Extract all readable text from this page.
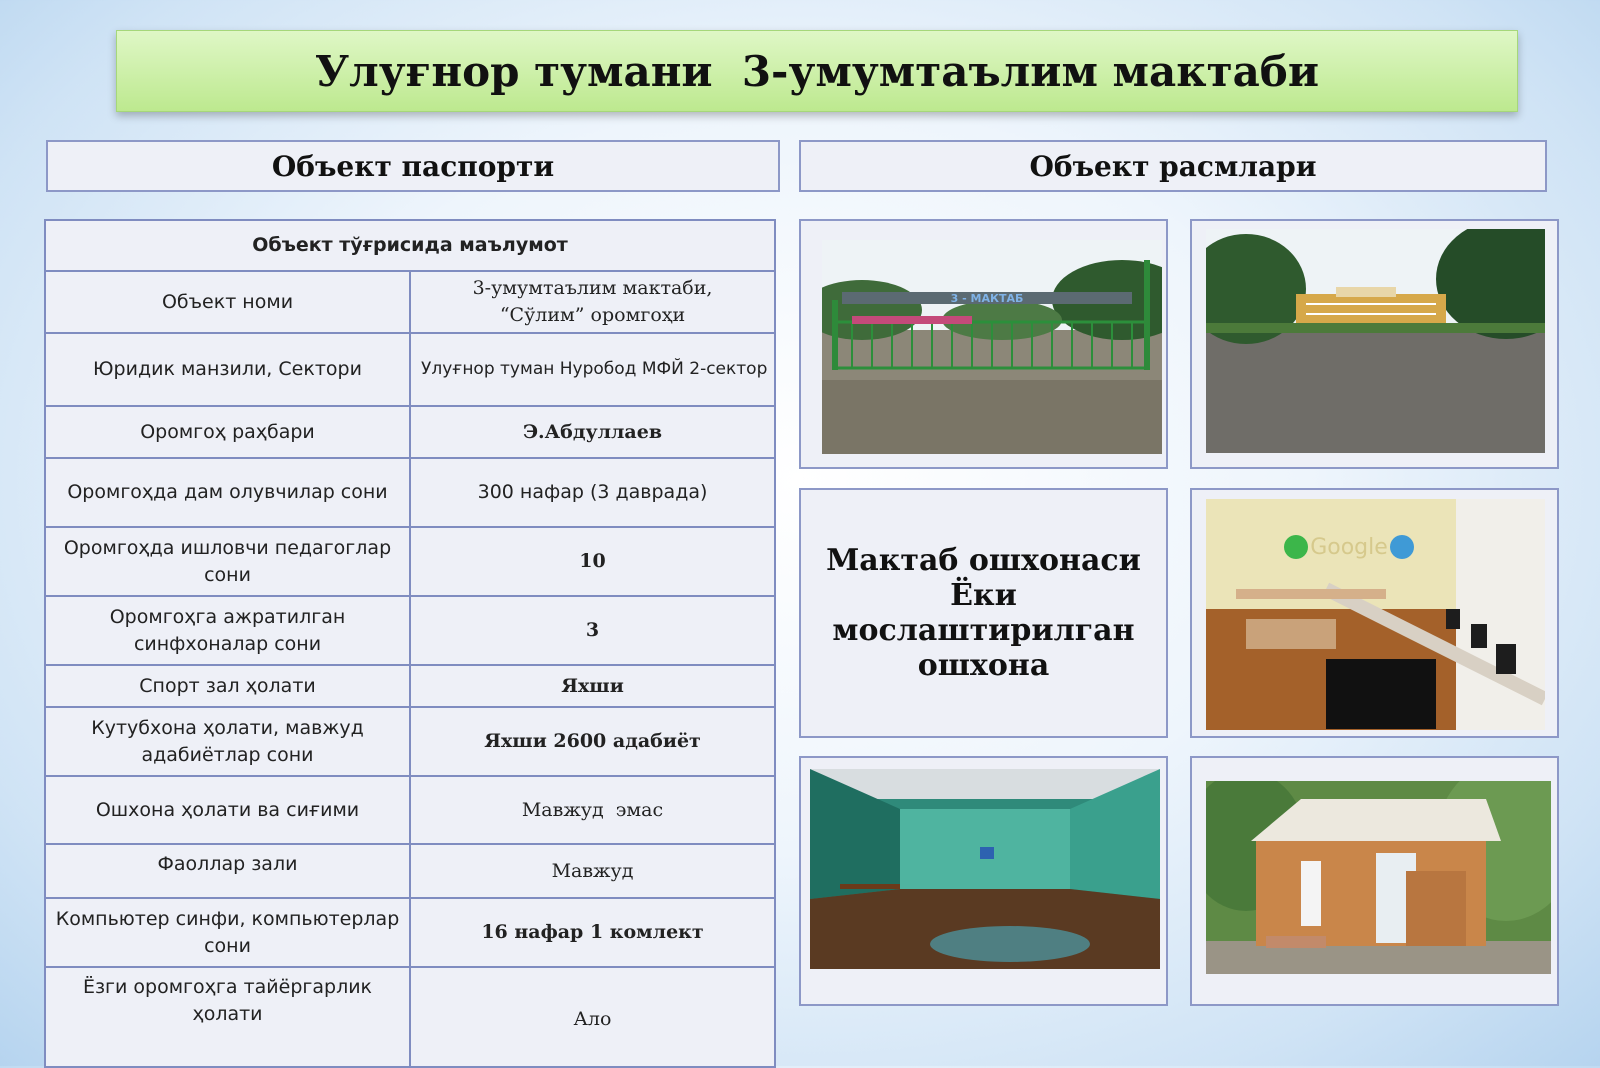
Улуғнор тумани  3-умумтаълим мактаби
Объект паспорти	Объект расмлари
Объект тўғрисида маълумот	
Объект номи	3-умумтаълим мактаби,
“Сўлим” оромгоҳи

Юридик манзили, Сектори	Улуғнор туман Нуробод МФЙ 2-сектор
Оромгоҳ раҳбари	Э.Абдуллаев
Оромгоҳда дам олувчилар сони	300 нафар (3 даврада)
Оромгоҳда ишловчи педагоглар сони	10
Оромгоҳга ажратилган синфхоналар сони	3
Спорт зал ҳолати	Яхши
Кутубхона ҳолати, мавжуд адабиётлар сони	Яхши 2600 адабиёт
Ошхона ҳолати ва сиғими	Мавжуд  эмас
Фаоллар зали	Мавжуд
Компьютер синфи, компьютерлар сони	16 нафар 1 комлект
Ёзги оромгоҳга тайёргарлик ҳолати	Ало
3 - МАКТАБ
Мактаб ошхонаси
Ёки
мослаштирилган
ошхона
Google
